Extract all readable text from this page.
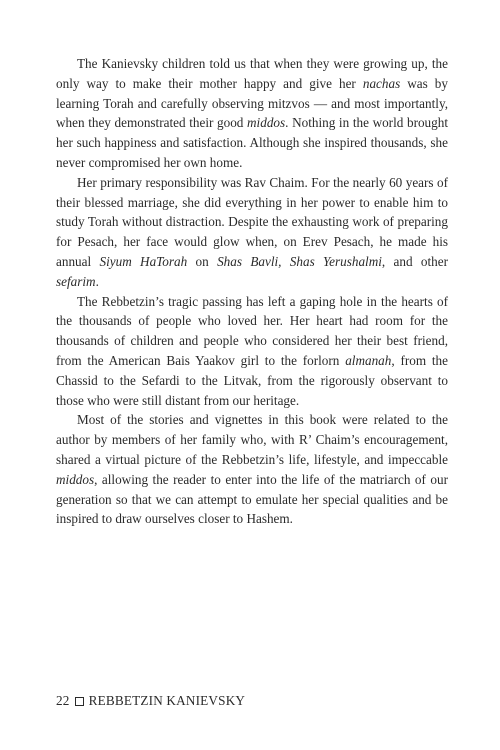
The Kanievsky children told us that when they were growing up, the only way to make their mother happy and give her nachas was by learning Torah and carefully observing mitzvos — and most importantly, when they demonstrated their good middos. Nothing in the world brought her such happiness and satisfaction. Although she inspired thousands, she never compromised her own home.

Her primary responsibility was Rav Chaim. For the nearly 60 years of their blessed marriage, she did everything in her power to enable him to study Torah without distraction. Despite the exhausting work of preparing for Pesach, her face would glow when, on Erev Pesach, he made his annual Siyum HaTorah on Shas Bavli, Shas Yerushalmi, and other sefarim.

The Rebbetzin’s tragic passing has left a gaping hole in the hearts of the thousands of people who loved her. Her heart had room for the thousands of children and people who considered her their best friend, from the American Bais Yaakov girl to the forlorn almanah, from the Chassid to the Sefardi to the Litvak, from the rigorously observant to those who were still distant from our heritage.

Most of the stories and vignettes in this book were related to the author by members of her family who, with R’ Chaim’s encouragement, shared a virtual picture of the Rebbetzin’s life, lifestyle, and impeccable middos, allowing the reader to enter into the life of the matriarch of our generation so that we can attempt to emulate her special qualities and be inspired to draw ourselves closer to Hashem.

22 REBBETZIN KANIEVSKY
